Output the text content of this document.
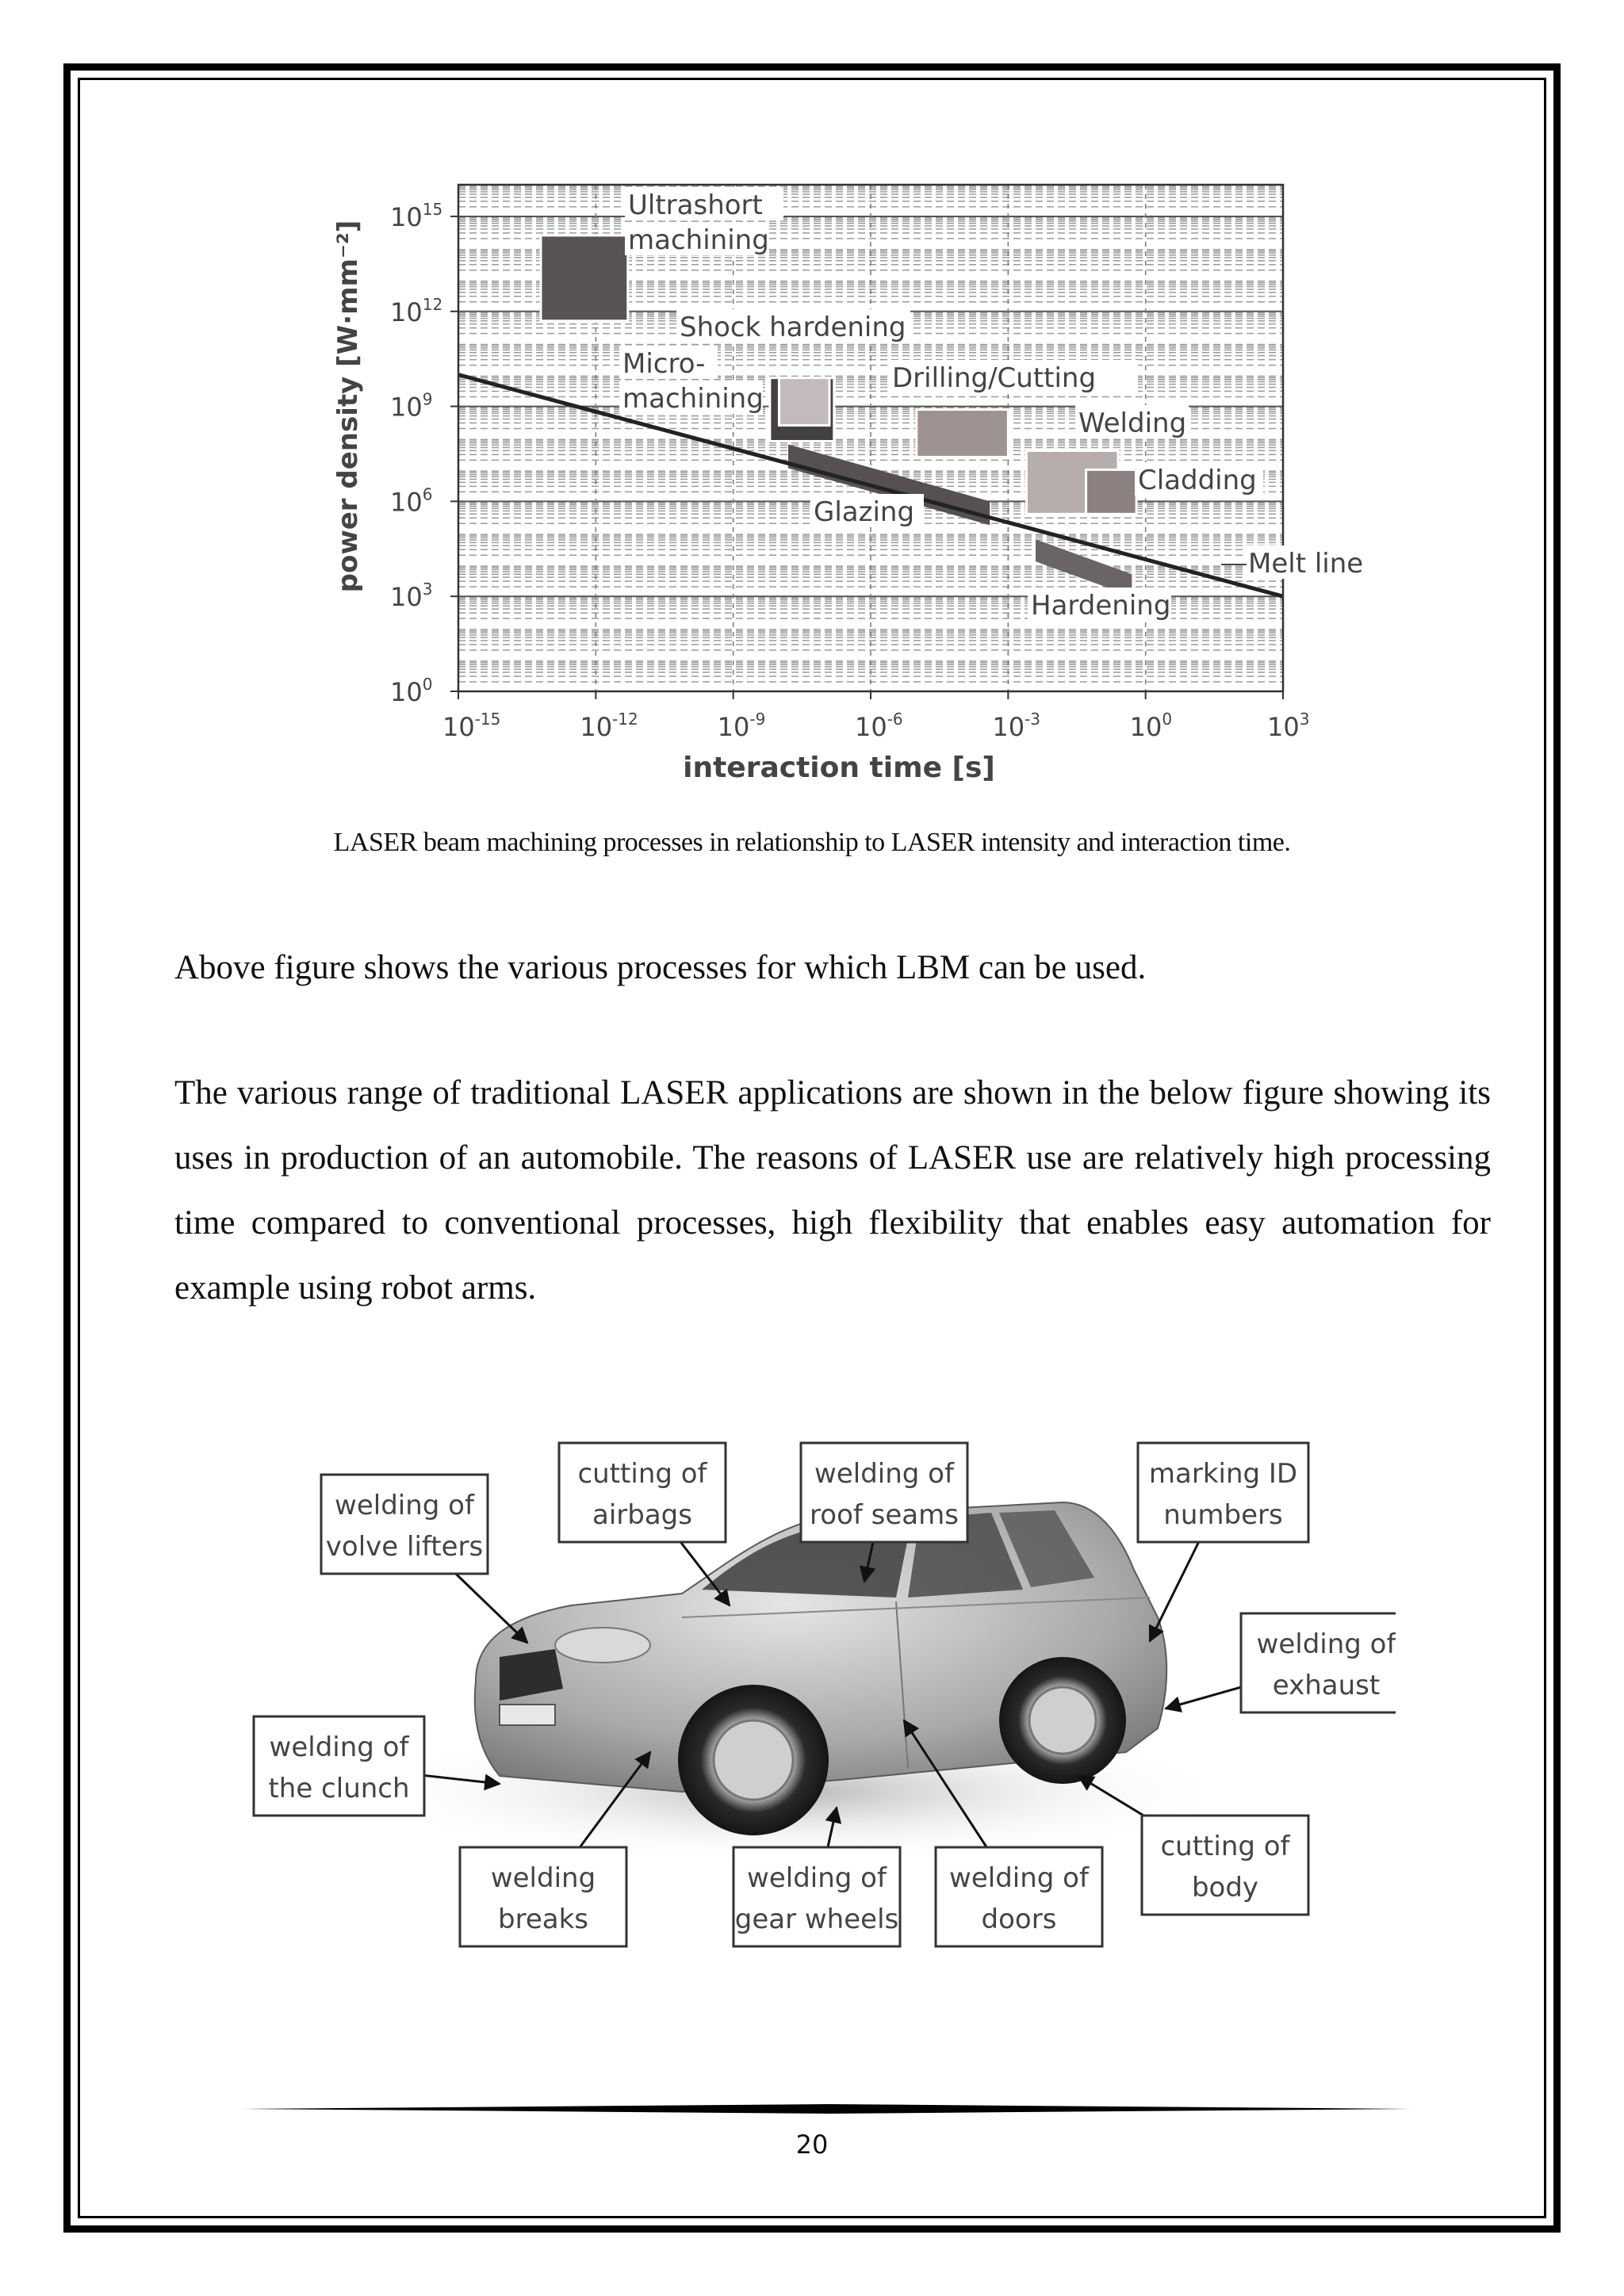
$10^{-15}$	$10^{-12}$	$10^{-9}$	$10^{-6}$	$10^{-3}$	$10^0$	$10^3$
$10^0$
$10^3$
$10^6$
$10^9$
$10^{12}$
$10^{15}$
interaction time [s]
power density [W·mm⁻²]
Ultrashort
machining
Shock hardening
Drilling/Cutting
Welding
Cladding
Micro-
machining
Glazing
Hardening
Melt line
LASER beam machining processes in relationship to LASER intensity and interaction time.
Above figure shows the various processes for which LBM can be used.
The various range of traditional LASER applications are shown in the below figure showing its uses in production of an automobile. The reasons of LASER use are relatively high processing time compared to conventional processes, high flexibility that enables easy automation for example using robot arms.
welding of
volve lifters
cutting of
airbags
welding of
roof seams
marking ID
numbers
welding of
exhaust
welding of
the clunch
welding
breaks
welding of
gear wheels
welding of
doors
cutting of
body
20
